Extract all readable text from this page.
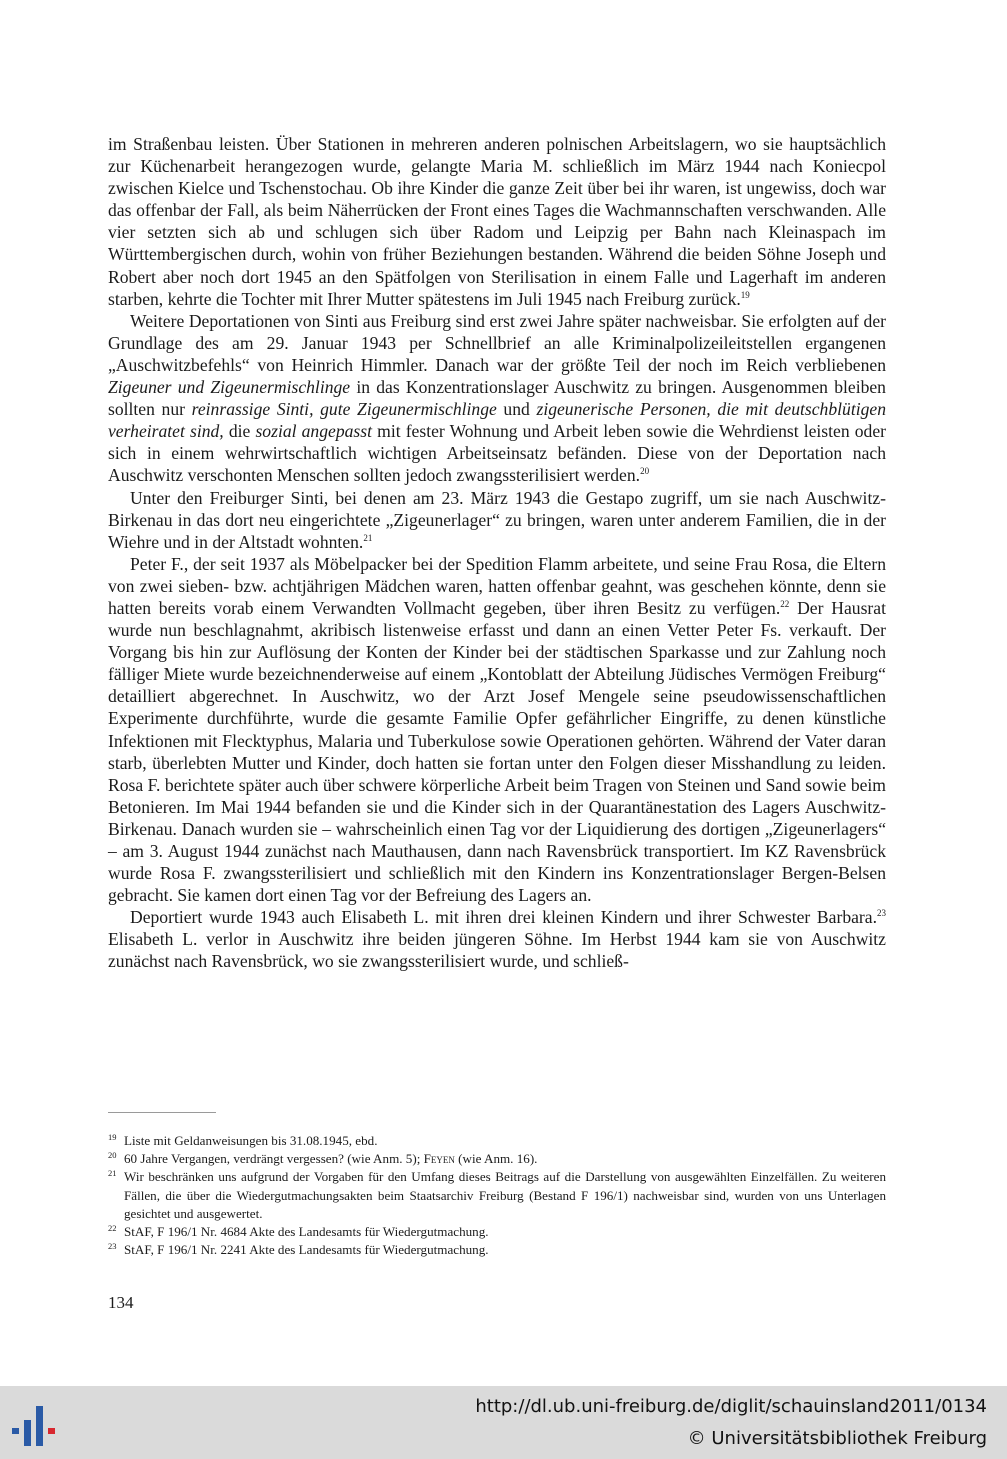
im Straßenbau leisten. Über Stationen in mehreren anderen polnischen Arbeitslagern, wo sie hauptsächlich zur Küchenarbeit herangezogen wurde, gelangte Maria M. schließlich im März 1944 nach Koniecpol zwischen Kielce und Tschenstochau. Ob ihre Kinder die ganze Zeit über bei ihr waren, ist ungewiss, doch war das offenbar der Fall, als beim Näherrücken der Front eines Tages die Wachmannschaften verschwanden. Alle vier setzten sich ab und schlugen sich über Radom und Leipzig per Bahn nach Kleinaspach im Württembergischen durch, wohin von früher Beziehungen bestanden. Während die beiden Söhne Joseph und Robert aber noch dort 1945 an den Spätfolgen von Sterilisation in einem Falle und Lagerhaft im anderen starben, kehrte die Tochter mit Ihrer Mutter spätestens im Juli 1945 nach Freiburg zurück.$^{19}$

Weitere Deportationen von Sinti aus Freiburg sind erst zwei Jahre später nachweisbar. Sie erfolgten auf der Grundlage des am 29. Januar 1943 per Schnellbrief an alle Kriminalpolizeileitstellen ergangenen „Auschwitzbefehls“ von Heinrich Himmler. Danach war der größte Teil der noch im Reich verbliebenen Zigeuner und Zigeunermischlinge in das Konzentrationslager Auschwitz zu bringen. Ausgenommen bleiben sollten nur reinrassige Sinti, gute Zigeunermischlinge und zigeunerische Personen, die mit deutschblütigen verheiratet sind, die sozial angepasst mit fester Wohnung und Arbeit leben sowie die Wehrdienst leisten oder sich in einem wehrwirtschaftlich wichtigen Arbeitseinsatz befänden. Diese von der Deportation nach Auschwitz verschonten Menschen sollten jedoch zwangssterilisiert werden.$^{20}$

Unter den Freiburger Sinti, bei denen am 23. März 1943 die Gestapo zugriff, um sie nach Auschwitz-Birkenau in das dort neu eingerichtete „Zigeunerlager“ zu bringen, waren unter anderem Familien, die in der Wiehre und in der Altstadt wohnten.$^{21}$

Peter F., der seit 1937 als Möbelpacker bei der Spedition Flamm arbeitete, und seine Frau Rosa, die Eltern von zwei sieben- bzw. achtjährigen Mädchen waren, hatten offenbar geahnt, was geschehen könnte, denn sie hatten bereits vorab einem Verwandten Vollmacht gegeben, über ihren Besitz zu verfügen.$^{22}$ Der Hausrat wurde nun beschlagnahmt, akribisch listenweise erfasst und dann an einen Vetter Peter Fs. verkauft. Der Vorgang bis hin zur Auflösung der Konten der Kinder bei der städtischen Sparkasse und zur Zahlung noch fälliger Miete wurde bezeichnenderweise auf einem „Kontoblatt der Abteilung Jüdisches Vermögen Freiburg“ detailliert abgerechnet. In Auschwitz, wo der Arzt Josef Mengele seine pseudowissenschaftlichen Experimente durchführte, wurde die gesamte Familie Opfer gefährlicher Eingriffe, zu denen künstliche Infektionen mit Flecktyphus, Malaria und Tuberkulose sowie Operationen gehörten. Während der Vater daran starb, überlebten Mutter und Kinder, doch hatten sie fortan unter den Folgen dieser Misshandlung zu leiden. Rosa F. berichtete später auch über schwere körperliche Arbeit beim Tragen von Steinen und Sand sowie beim Betonieren. Im Mai 1944 befanden sie und die Kinder sich in der Quarantänestation des Lagers Auschwitz-Birkenau. Danach wurden sie – wahrscheinlich einen Tag vor der Liquidierung des dortigen „Zigeunerlagers“ – am 3. August 1944 zunächst nach Mauthausen, dann nach Ravensbrück transportiert. Im KZ Ravensbrück wurde Rosa F. zwangssterilisiert und schließlich mit den Kindern ins Konzentrationslager Bergen-Belsen gebracht. Sie kamen dort einen Tag vor der Befreiung des Lagers an.

Deportiert wurde 1943 auch Elisabeth L. mit ihren drei kleinen Kindern und ihrer Schwester Barbara.$^{23}$ Elisabeth L. verlor in Auschwitz ihre beiden jüngeren Söhne. Im Herbst 1944 kam sie von Auschwitz zunächst nach Ravensbrück, wo sie zwangssterilisiert wurde, und schließ-

19 Liste mit Geldanweisungen bis 31.08.1945, ebd.
20 60 Jahre Vergangen, verdrängt vergessen? (wie Anm. 5); Feyen (wie Anm. 16).
21 Wir beschränken uns aufgrund der Vorgaben für den Umfang dieses Beitrags auf die Darstellung von ausgewählten Einzelfällen. Zu weiteren Fällen, die über die Wiedergutmachungsakten beim Staatsarchiv Freiburg (Bestand F 196/1) nachweisbar sind, wurden von uns Unterlagen gesichtet und ausgewertet.
22 StAF, F 196/1 Nr. 4684 Akte des Landesamts für Wiedergutmachung.
23 StAF, F 196/1 Nr. 2241 Akte des Landesamts für Wiedergutmachung.
134
http://dl.ub.uni-freiburg.de/diglit/schauinsland2011/0134
© Universitätsbibliothek Freiburg
